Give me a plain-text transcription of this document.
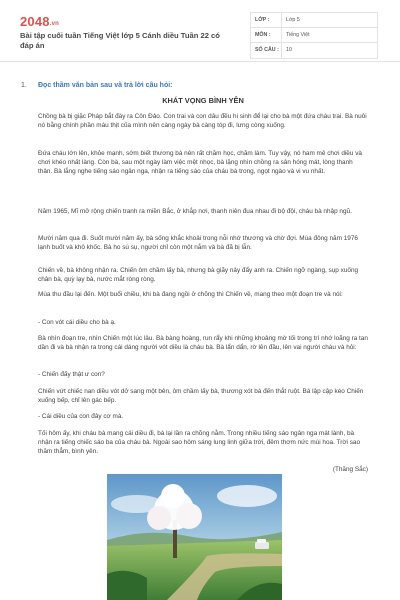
2048.vn
Bài tập cuối tuần Tiếng Việt lớp 5 Cánh diều Tuần 22 có đáp án
LỚP :	Lớp 5
MÔN :	Tiếng Việt
SỐ CÂU :	10
1. Đọc thầm văn bản sau và trả lời câu hỏi:
KHÁT VỌNG BÌNH YÊN
Chồng bà bị giặc Pháp bắt đày ra Côn Đảo. Con trai và con dâu đều hi sinh để lại cho bà một đứa cháu trai. Bà nuôi nó bằng chính phần máu thịt của mình nên càng ngày bà càng tóp đi, lưng còng xuống.
Đứa cháu lớn lên, khỏe mạnh, sớm biết thương bà nên rất chăm học, chăm làm. Tuy vậy, nó ham mê chơi diều và chơi khéo nhất làng. Còn bà, sau một ngày làm việc mệt nhọc, bà lặng nhìn chồng ra sân hóng mát, lòng thanh thản. Bà lắng nghe tiếng sáo ngân nga, nhận ra tiếng sáo của cháu bà trong, ngọt ngào và vi vu nhất.
Năm 1965, Mĩ mở rộng chiến tranh ra miền Bắc, ở khắp nơi, thanh niên đua nhau đi bộ đội, cháu bà nhập ngũ.
Mười năm qua đi. Suốt mười năm ấy, bà sống khắc khoải trong nỗi nhớ thương và chờ đợi. Mùa đông năm 1976 lạnh buốt và khô khốc. Bà ho sù sụ, người chỉ còn một nắm và bà đã bị lẫn.
Chiến về, bà không nhận ra. Chiến ôm chầm lấy bà, nhưng bà giãy nảy đẩy anh ra. Chiến ngỡ ngàng, sụp xuống chân bà, quỳ lạy bà, nước mắt ròng ròng.
Mùa thu đầu lại đến. Một buổi chiều, khi bà đang ngồi ở chõng thì Chiến về, mang theo một đoạn tre và nói:
- Con vót cái diều cho bà ạ.
Bà nhìn đoạn tre, nhìn Chiến một lúc lâu. Bà bàng hoàng, run rẩy khi những khoảng mờ tối trong trí nhớ loãng ra tan dần đi và bà nhận ra trong cái dáng người vót diều là cháu bà. Bà lẩn dẩn, rờ lên đầu, lên vai người cháu và hỏi:
- Chiến đấy thật ư con?
Chiến vứt chiếc nan diều vót dở sang một bên, ôm chầm lấy bà, thương xót bà đến thắt ruột. Bà lập cập kéo Chiến xuống bếp, chỉ lên gác bếp.
- Cái diều của con đây cơ mà.
Tối hôm ấy, khi cháu bà mang cái diều đi, bà lại lần ra chõng nằm. Trong nhiều tiếng sáo ngân nga mát lành, bà nhận ra tiếng chiếc sáo ba của cháu bà. Ngoài sao hôm sáng lung linh giữa trời, đêm thơm nức mùi hoa. Trời sao thăm thẳm, bình yên.
(Thăng Sắc)
